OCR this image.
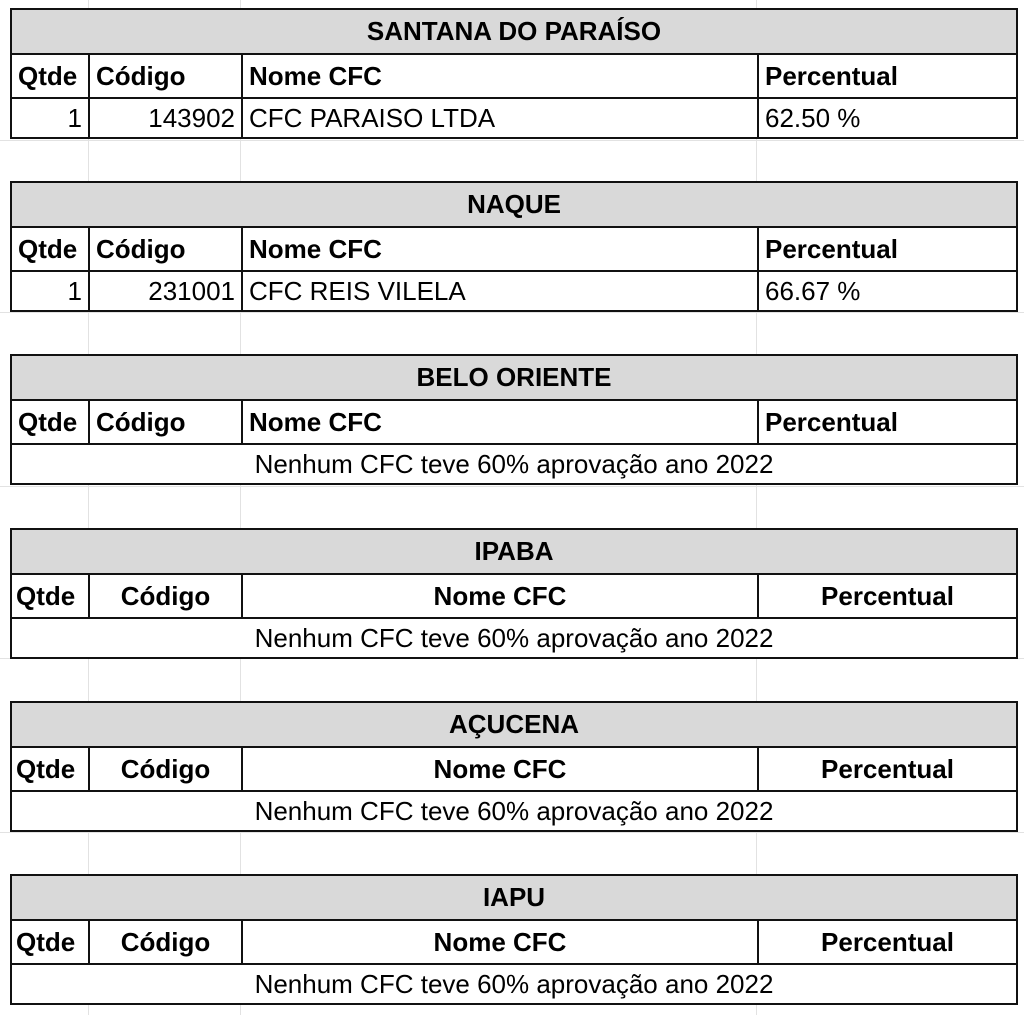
SANTANA DO PARAÍSO			
Qtde	Código	Nome CFC	Percentual
1	143902	CFC PARAISO LTDA	62.50 %
NAQUE			
Qtde	Código	Nome CFC	Percentual
1	231001	CFC REIS VILELA	66.67 %
BELO ORIENTE
Qtde	Código	Nome CFC	Percentual
Nenhum CFC teve 60% aprovação ano 2022
IPABA
Qtde	Código	Nome CFC	Percentual
Nenhum CFC teve 60% aprovação ano 2022
AÇUCENA
Qtde	Código	Nome CFC	Percentual
Nenhum CFC teve 60% aprovação ano 2022
IAPU
Qtde	Código	Nome CFC	Percentual
Nenhum CFC teve 60% aprovação ano 2022
